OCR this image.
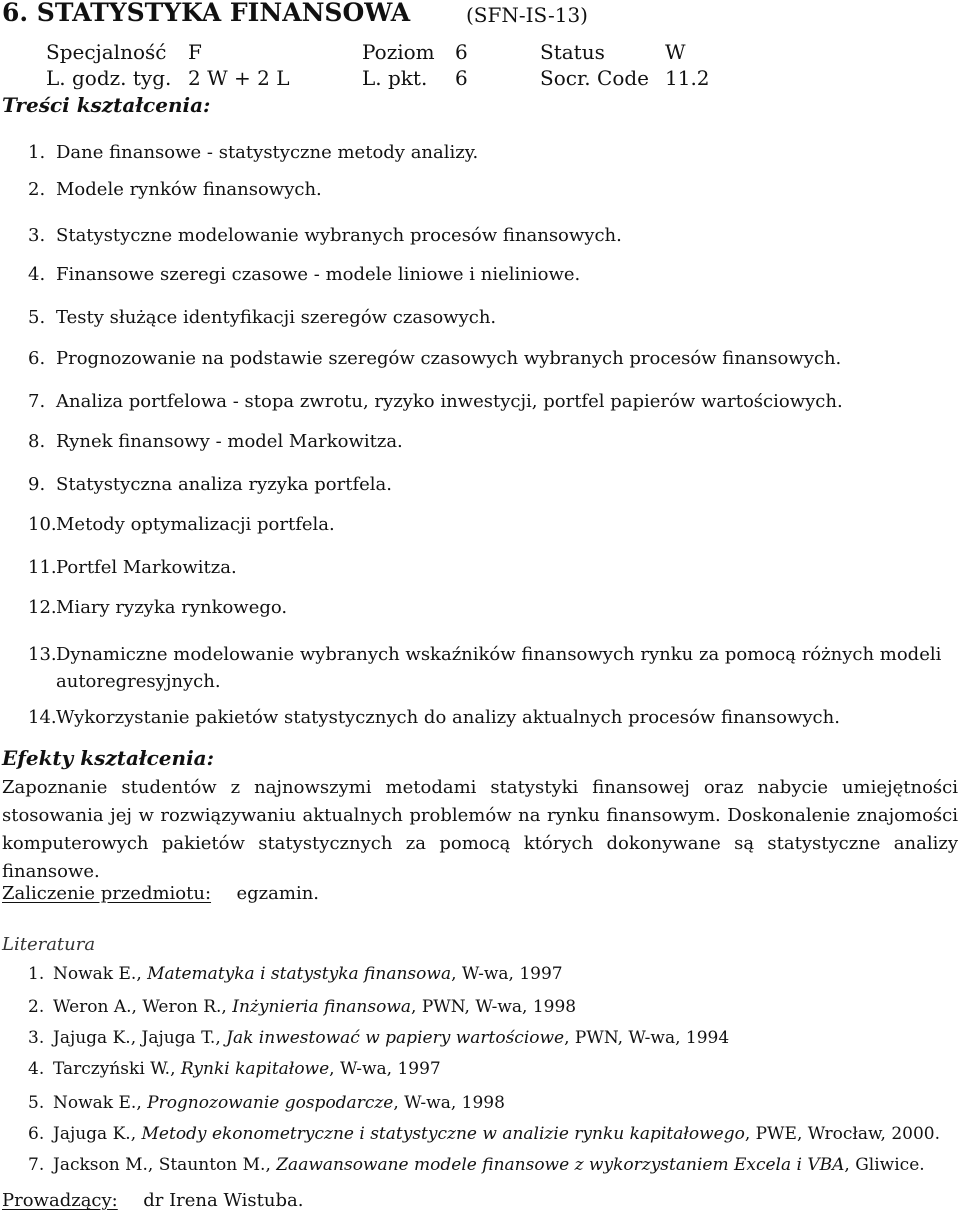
6. STATYSTYKA FINANSOWA	(SFN-IS-13)
Specjalność F	Poziom 6	Status	W
L. godz. tyg. 2 W + 2 L	L. pkt. 6	Socr. Code 11.2
Treści kształcenia:
1. Dane finansowe - statystyczne metody analizy.
2. Modele rynków finansowych.
3. Statystyczne modelowanie wybranych procesów finansowych.
4. Finansowe szeregi czasowe - modele liniowe i nieliniowe.
5. Testy służące identyfikacji szeregów czasowych.
6. Prognozowanie na podstawie szeregów czasowych wybranych procesów finansowych.
7. Analiza portfelowa - stopa zwrotu, ryzyko inwestycji, portfel papierów wartościowych.
8. Rynek finansowy - model Markowitza.
9. Statystyczna analiza ryzyka portfela.
10.Metody optymalizacji portfela.
11.Portfel Markowitza.
12.Miary ryzyka rynkowego.
13.Dynamiczne modelowanie wybranych wskaźników finansowych rynku za pomocą różnych modeli
autoregresyjnych.
14.Wykorzystanie pakietów statystycznych do analizy aktualnych procesów finansowych.
Efekty kształcenia:
Zapoznanie studentów z najnowszymi metodami statystyki finansowej oraz nabycie umiejętności stosowania jej w rozwiązywaniu aktualnych problemów na rynku finansowym. Doskonalenie znajomości komputerowych pakietów statystycznych za pomocą których dokonywane są statystyczne analizy finansowe.
Zaliczenie przedmiotu: egzamin.
Literatura
1. Nowak E., Matematyka i statystyka finansowa, W-wa, 1997
2. Weron A., Weron R., Inżynieria finansowa, PWN, W-wa, 1998
3. Jajuga K., Jajuga T., Jak inwestować w papiery wartościowe, PWN, W-wa, 1994
4. Tarczyński W., Rynki kapitałowe, W-wa, 1997
5. Nowak E., Prognozowanie gospodarcze, W-wa, 1998
6. Jajuga K., Metody ekonometryczne i statystyczne w analizie rynku kapitałowego, PWE, Wrocław, 2000.
7. Jackson M., Staunton M., Zaawansowane modele finansowe z wykorzystaniem Excela i VBA, Gliwice.
Prowadzący: dr Irena Wistuba.
